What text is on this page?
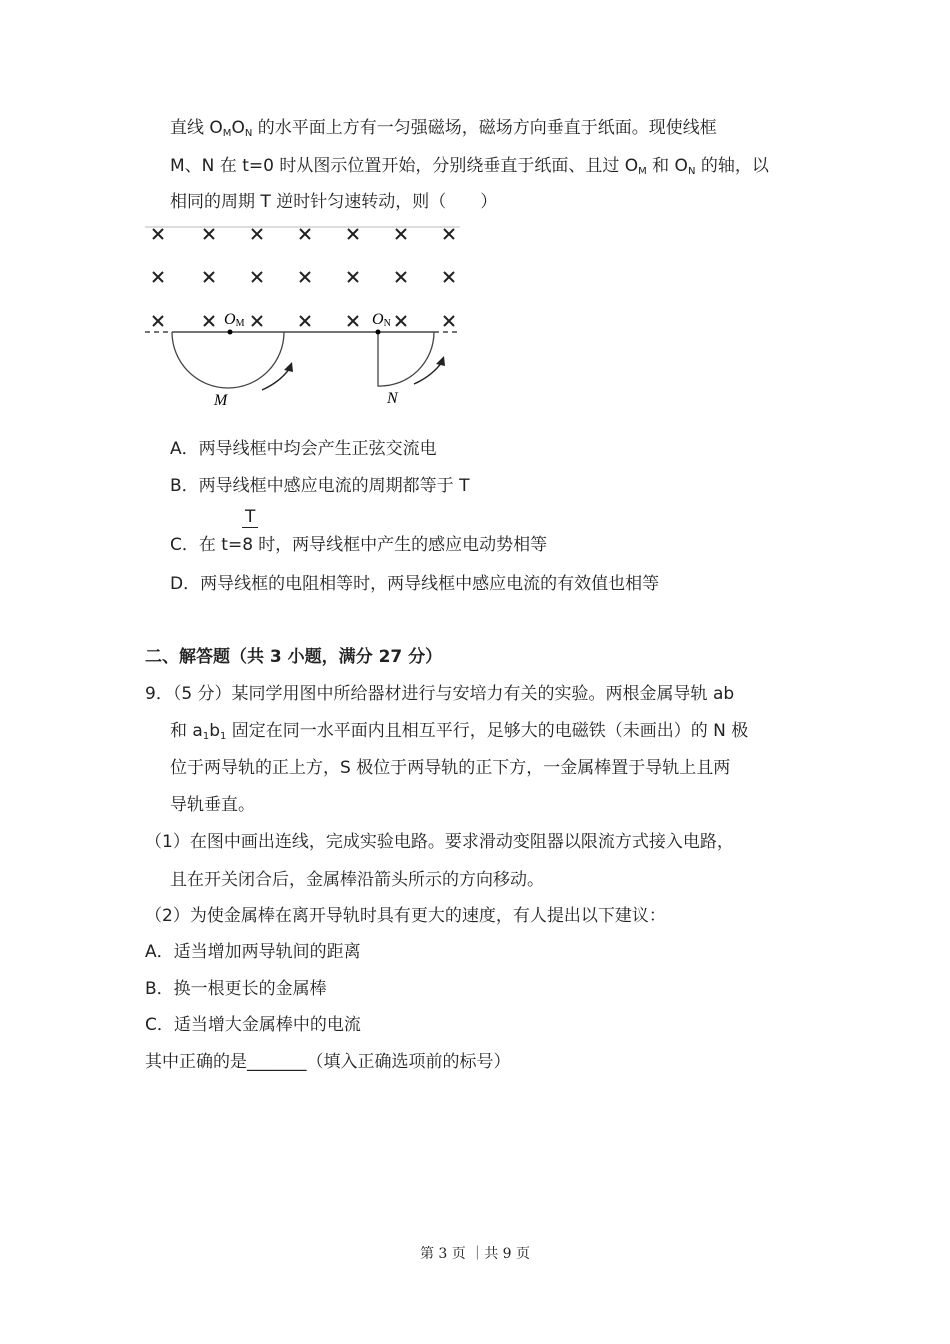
直线 $O_MO_N$ 的水平面上方有一匀强磁场，磁场方向垂直于纸面。现使线框
M、N 在 t=0 时从图示位置开始，分别绕垂直于纸面、且过 $O_M$ 和 $O_N$ 的轴，以
相同的周期 T 逆时针匀速转动，则（　　）
OM	ON
M	N
A．两导线框中均会产生正弦交流电
B．两导线框中感应电流的周期都等于 T
C．在 $t= \frac{T}{8}$时，两导线框中产生的感应电动势相等
D．两导线框的电阻相等时，两导线框中感应电流的有效值也相等
二、解答题（共 3 小题，满分 27 分）
9．（5 分）某同学用图中所给器材进行与安培力有关的实验。两根金属导轨 ab
和 $a_1b_1$ 固定在同一水平面内且相互平行，足够大的电磁铁（未画出）的 N 极
位于两导轨的正上方，S 极位于两导轨的正下方，一金属棒置于导轨上且两
导轨垂直。
（1）在图中画出连线，完成实验电路。要求滑动变阻器以限流方式接入电路，
且在开关闭合后，金属棒沿箭头所示的方向移动。
（2）为使金属棒在离开导轨时具有更大的速度，有人提出以下建议：
A．适当增加两导轨间的距离
B．换一根更长的金属棒
C．适当增大金属棒中的电流
其中正确的是_______（填入正确选项前的标号）
第 3 页 ｜共 9 页
